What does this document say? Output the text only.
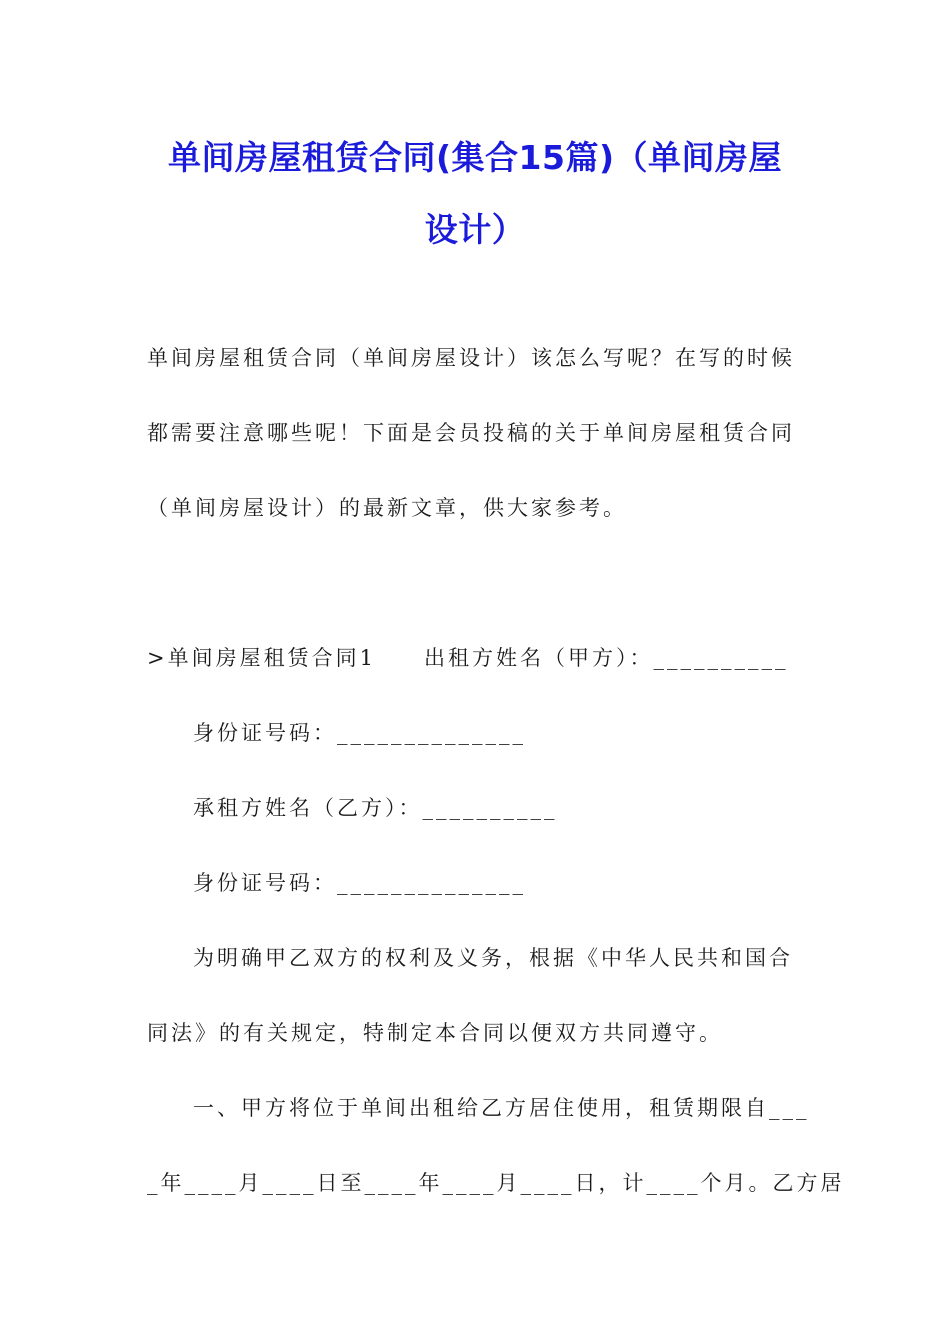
单间房屋租赁合同(集合15篇)（单间房屋
设计）
单间房屋租赁合同（单间房屋设计）该怎么写呢？在写的时候
都需要注意哪些呢！下面是会员投稿的关于单间房屋租赁合同
（单间房屋设计）的最新文章，供大家参考。
>单间房屋租赁合同1　　出租方姓名（甲方）：__________
身份证号码：______________
承租方姓名（乙方）：__________
身份证号码：______________
为明确甲乙双方的权利及义务，根据《中华人民共和国合
同法》的有关规定，特制定本合同以便双方共同遵守。
一、甲方将位于单间出租给乙方居住使用，租赁期限自___
_年____月____日至____年____月____日，计____个月。乙方居
